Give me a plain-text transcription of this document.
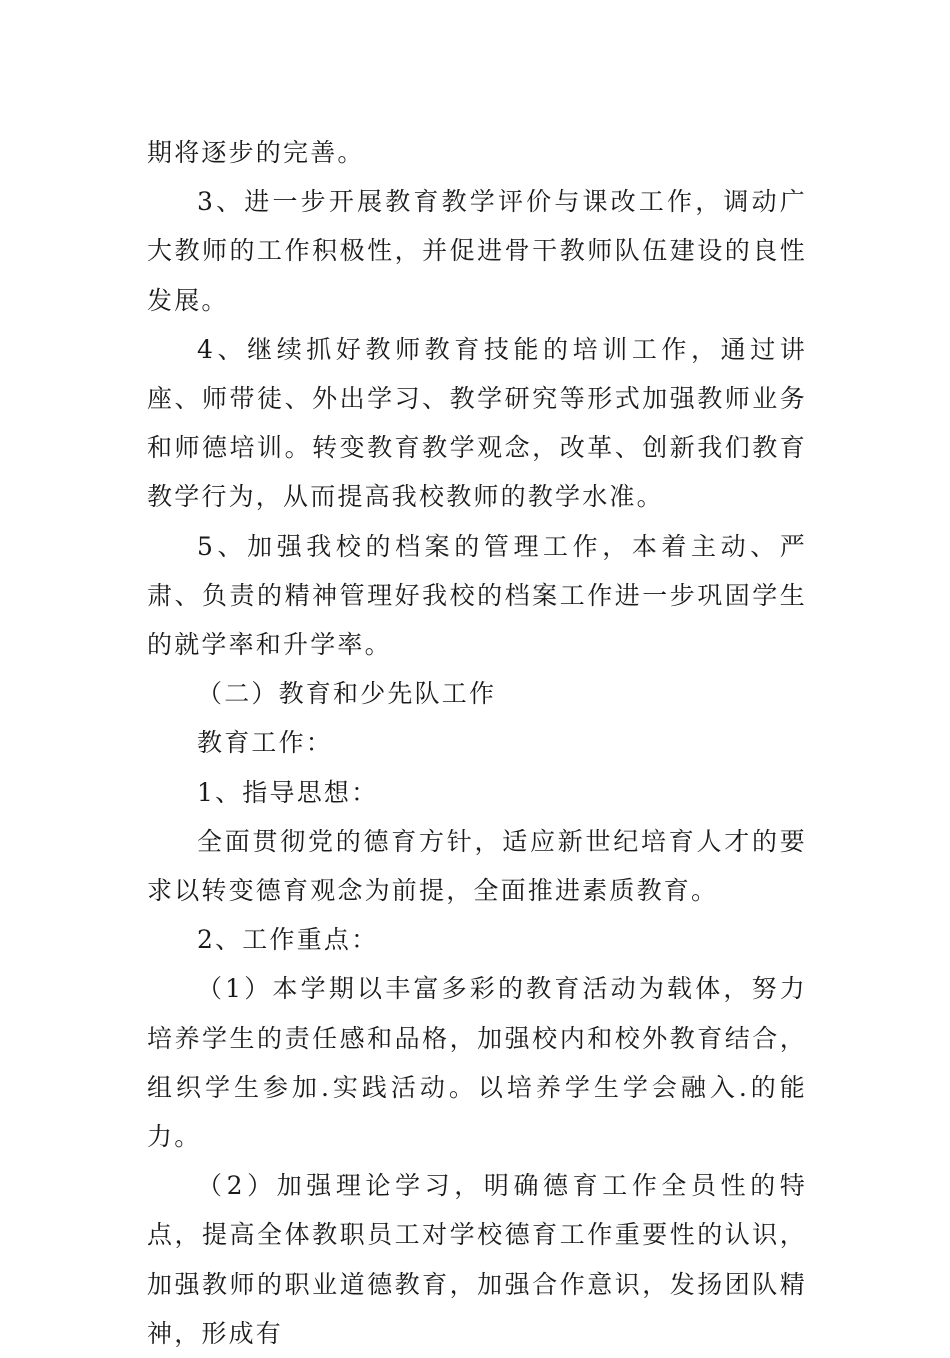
期将逐步的完善。

3、进一步开展教育教学评价与课改工作，调动广大教师的工作积极性，并促进骨干教师队伍建设的良性发展。

4、继续抓好教师教育技能的培训工作，通过讲座、师带徒、外出学习、教学研究等形式加强教师业务和师德培训。转变教育教学观念，改革、创新我们教育教学行为，从而提高我校教师的教学水准。

5、加强我校的档案的管理工作，本着主动、严肃、负责的精神管理好我校的档案工作进一步巩固学生的就学率和升学率。

（二）教育和少先队工作

教育工作：

1、指导思想：

全面贯彻党的德育方针，适应新世纪培育人才的要求以转变德育观念为前提，全面推进素质教育。

2、工作重点：

（1）本学期以丰富多彩的教育活动为载体，努力培养学生的责任感和品格，加强校内和校外教育结合，组织学生参加.实践活动。以培养学生学会融入.的能力。

（2）加强理论学习，明确德育工作全员性的特点，提高全体教职员工对学校德育工作重要性的认识，加强教师的职业道德教育，加强合作意识，发扬团队精神，形成有
